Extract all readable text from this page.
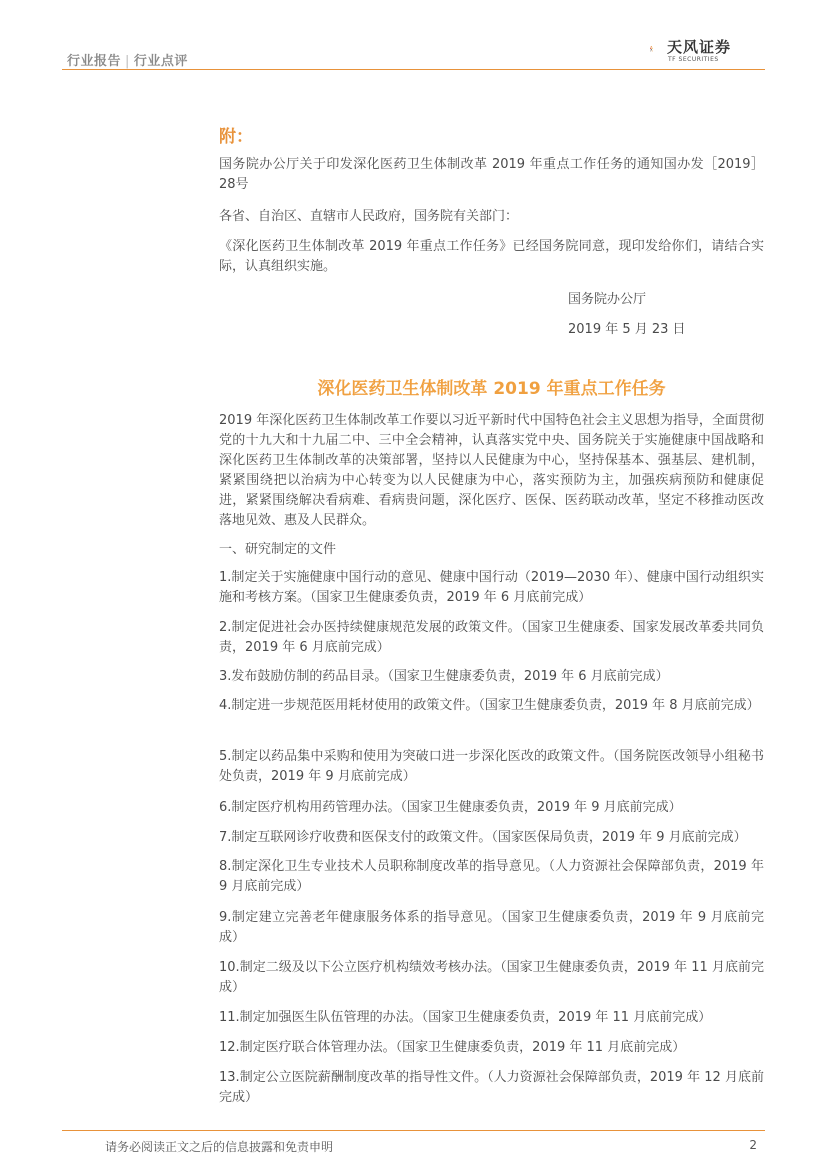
行业报告 | 行业点评
天风证券
TF SECURITIES
附：
国务院办公厅关于印发深化医药卫生体制改革 2019 年重点工作任务的通知国办发［2019］28号
各省、自治区、直辖市人民政府，国务院有关部门：
《深化医药卫生体制改革 2019 年重点工作任务》已经国务院同意，现印发给你们，请结合实际，认真组织实施。
国务院办公厅
2019 年 5 月 23 日
深化医药卫生体制改革 2019 年重点工作任务
2019 年深化医药卫生体制改革工作要以习近平新时代中国特色社会主义思想为指导，全面贯彻党的十九大和十九届二中、三中全会精神，认真落实党中央、国务院关于实施健康中国战略和深化医药卫生体制改革的决策部署，坚持以人民健康为中心，坚持保基本、强基层、建机制，紧紧围绕把以治病为中心转变为以人民健康为中心，落实预防为主，加强疾病预防和健康促进，紧紧围绕解决看病难、看病贵问题，深化医疗、医保、医药联动改革，坚定不移推动医改落地见效、惠及人民群众。
一、研究制定的文件
1.制定关于实施健康中国行动的意见、健康中国行动（2019—2030 年）、健康中国行动组织实施和考核方案。（国家卫生健康委负责，2019 年 6 月底前完成）
2.制定促进社会办医持续健康规范发展的政策文件。（国家卫生健康委、国家发展改革委共同负责，2019 年 6 月底前完成）
3.发布鼓励仿制的药品目录。（国家卫生健康委负责，2019 年 6 月底前完成）
4.制定进一步规范医用耗材使用的政策文件。（国家卫生健康委负责，2019 年 8 月底前完成）
5.制定以药品集中采购和使用为突破口进一步深化医改的政策文件。（国务院医改领导小组秘书处负责，2019 年 9 月底前完成）
6.制定医疗机构用药管理办法。（国家卫生健康委负责，2019 年 9 月底前完成）
7.制定互联网诊疗收费和医保支付的政策文件。（国家医保局负责，2019 年 9 月底前完成）
8.制定深化卫生专业技术人员职称制度改革的指导意见。（人力资源社会保障部负责，2019 年 9 月底前完成）
9.制定建立完善老年健康服务体系的指导意见。（国家卫生健康委负责，2019 年 9 月底前完成）
10.制定二级及以下公立医疗机构绩效考核办法。（国家卫生健康委负责，2019 年 11 月底前完成）
11.制定加强医生队伍管理的办法。（国家卫生健康委负责，2019 年 11 月底前完成）
12.制定医疗联合体管理办法。（国家卫生健康委负责，2019 年 11 月底前完成）
13.制定公立医院薪酬制度改革的指导性文件。（人力资源社会保障部负责，2019 年 12 月底前完成）
请务必阅读正文之后的信息披露和免责申明	2
